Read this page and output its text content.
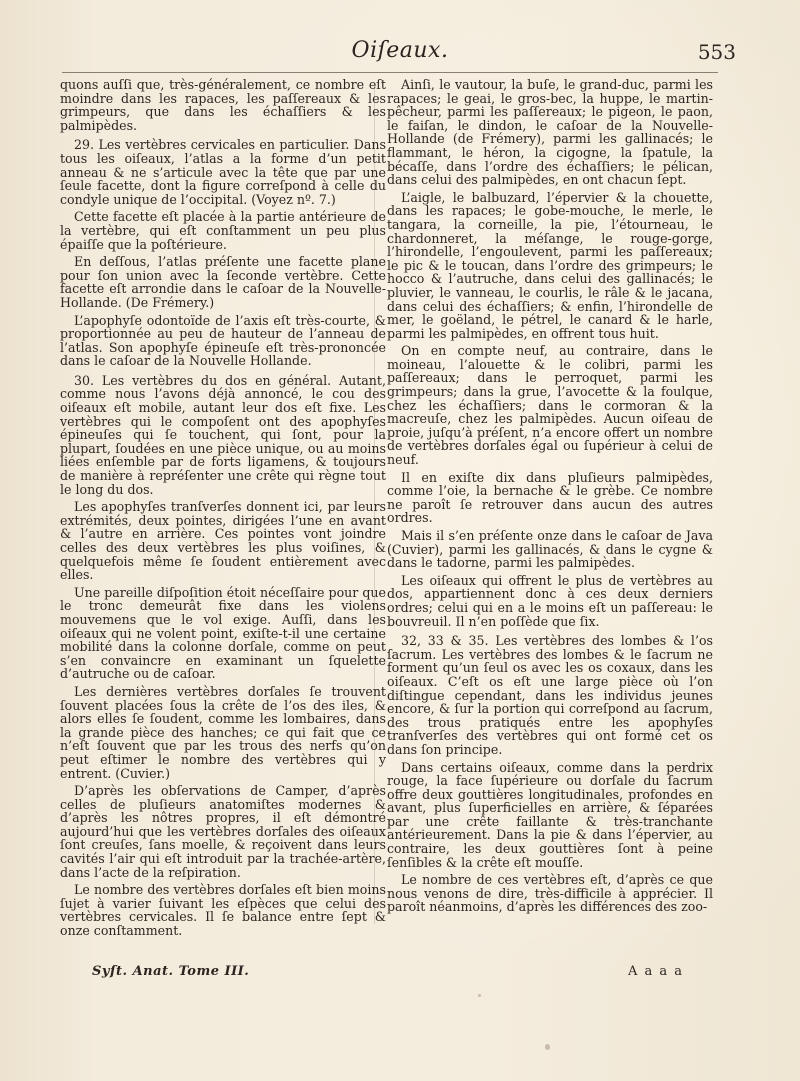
Oiſeaux.	553

quons auſſi que, très-généralement, ce nombre eſt moindre dans les rapaces, les paſſereaux & les grimpeurs, que dans les échaſſiers & les palmipèdes.

29. Les vertèbres cervicales en particulier. Dans tous les oiſeaux, l’atlas a la forme d’un petit anneau & ne s’articule avec la tête que par une ſeule facette, dont la figure correſpond à celle du condyle unique de l’occipital. (Voyez nº. 7.)

Cette facette eſt placée à la partie antérieure de la vertèbre, qui eſt conſtamment un peu plus épaiſſe que la poſtérieure.

En deſſous, l’atlas préſente une facette plane pour ſon union avec la ſeconde vertèbre. Cette facette eſt arrondie dans le caſoar de la Nouvelle-Hollande. (De Frémery.)

L’apophyſe odontoïde de l’axis eſt très-courte, & proportionnée au peu de hauteur de l’anneau de l’atlas. Son apophyſe épineuſe eſt très-prononcée dans le caſoar de la Nouvelle Hollande.

30. Les vertèbres du dos en général. Autant, comme nous l’avons déjà annoncé, le cou des oiſeaux eſt mobile, autant leur dos eſt fixe. Les vertèbres qui le compoſent ont des apophyſes épineuſes qui ſe touchent, qui ſont, pour la plupart, ſoudées en une pièce unique, ou au moins liées enſemble par de forts ligamens, & toujours de manière à repréſenter une crête qui règne tout le long du dos.

Les apophyſes tranſverſes donnent ici, par leurs extrémités, deux pointes, dirigées l’une en avant & l’autre en arrière. Ces pointes vont joindre celles des deux vertèbres les plus voiſines, & quelquefois même ſe ſoudent entièrement avec elles.

Une pareille diſpoſition étoit néceſſaire pour que le tronc demeurât fixe dans les violens mouvemens que le vol exige. Auſſi, dans les oiſeaux qui ne volent point, exiſte-t-il une certaine mobilité dans la colonne dorſale, comme on peut s’en convaincre en examinant un ſquelette d’autruche ou de caſoar.

Les dernières vertèbres dorſales ſe trouvent ſouvent placées ſous la crête de l’os des iles, & alors elles ſe ſoudent, comme les lombaires, dans la grande pièce des hanches; ce qui fait que ce n’eſt ſouvent que par les trous des nerfs qu’on peut eſtimer le nombre des vertèbres qui y entrent. (Cuvier.)

D’après les obſervations de Camper, d’après celles de pluſieurs anatomiſtes modernes & d’après les nôtres propres, il eſt démontré aujourd’hui que les vertèbres dorſales des oiſeaux ſont creuſes, ſans moelle, & reçoivent dans leurs cavités l’air qui eſt introduit par la trachée-artère, dans l’acte de la reſpiration.

Le nombre des vertèbres dorſales eſt bien moins ſujet à varier ſuivant les eſpèces que celui des vertèbres cervicales. Il ſe balance entre ſept & onze conſtamment.

Ainſi, le vautour, la buſe, le grand-duc, parmi les rapaces; le geai, le gros-bec, la huppe, le martin-pêcheur, parmi les paſſereaux; le pigeon, le paon, le faiſan, le dindon, le caſoar de la Nouvelle-Hollande (de Frémery), parmi les gallinacés; le flammant, le héron, la cigogne, la ſpatule, la bécaſſe, dans l’ordre des échaſſiers; le pélican, dans celui des palmipèdes, en ont chacun ſept.

L’aigle, le balbuzard, l’épervier & la chouette, dans les rapaces; le gobe-mouche, le merle, le tangara, la corneille, la pie, l’étourneau, le chardonneret, la méſange, le rouge-gorge, l’hirondelle, l’engoulevent, parmi les paſſereaux; le pic & le toucan, dans l’ordre des grimpeurs; le hocco & l’autruche, dans celui des gallinacés; le pluvier, le vanneau, le courlis, le râle & le jacana, dans celui des échaſſiers; & enfin, l’hirondelle de mer, le goëland, le pétrel, le canard & le harle, parmi les palmipèdes, en offrent tous huit.

On en compte neuf, au contraire, dans le moineau, l’alouette & le colibri, parmi les paſſereaux; dans le perroquet, parmi les grimpeurs; dans la grue, l’avocette & la foulque, chez les échaſſiers; dans le cormoran & la macreuſe, chez les palmipèdes. Aucun oiſeau de proie, juſqu’à préſent, n’a encore offert un nombre de vertèbres dorſales égal ou ſupérieur à celui de neuf.

Il en exiſte dix dans pluſieurs palmipèdes, comme l’oie, la bernache & le grèbe. Ce nombre ne paroît ſe retrouver dans aucun des autres ordres.

Mais il s’en préſente onze dans le caſoar de Java (Cuvier), parmi les gallinacés, & dans le cygne & dans le tadorne, parmi les palmipèdes.

Les oiſeaux qui offrent le plus de vertèbres au dos, appartiennent donc à ces deux derniers ordres; celui qui en a le moins eſt un paſſereau: le bouvreuil. Il n’en poſſède que ſix.

32, 33 & 35. Les vertèbres des lombes & l’os ſacrum. Les vertèbres des lombes & le ſacrum ne forment qu’un ſeul os avec les os coxaux, dans les oiſeaux. C’eſt os eſt une large pièce où l’on diſtingue cependant, dans les individus jeunes encore, & ſur la portion qui correſpond au ſacrum, des trous pratiqués entre les apophyſes tranſverſes des vertèbres qui ont formé cet os dans ſon principe.

Dans certains oiſeaux, comme dans la perdrix rouge, la face ſupérieure ou dorſale du ſacrum offre deux gouttières longitudinales, profondes en avant, plus ſuperficielles en arrière, & ſéparées par une crête faillante & très-tranchante antérieurement. Dans la pie & dans l’épervier, au contraire, les deux gouttières ſont à peine ſenſibles & la crête eſt mouſſe.

Le nombre de ces vertèbres eſt, d’après ce que nous venons de dire, très-difficile à apprécier. Il paroît néanmoins, d’après les différences des zoo-

Syſt. Anat. Tome III.	A a a a
